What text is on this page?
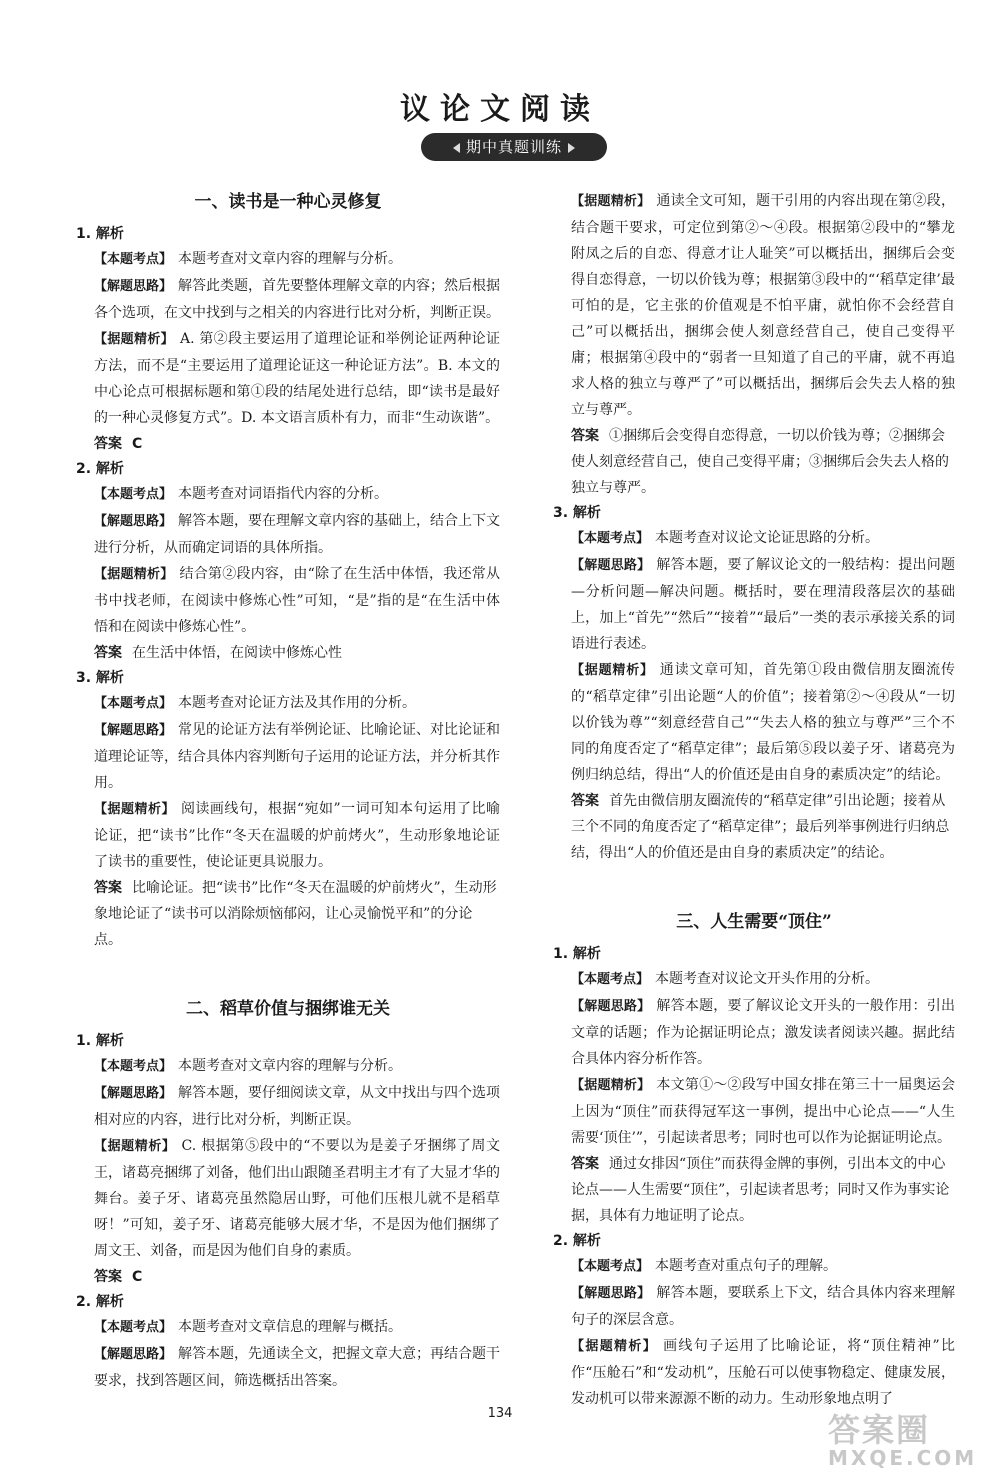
议论文阅读
期中真题训练
一、读书是一种心灵修复
1. 解析

【本题考点】 本题考查对文章内容的理解与分析。

【解题思路】 解答此类题，首先要整体理解文章的内容；然后根据各个选项，在文中找到与之相关的内容进行比对分析，判断正误。

【据题精析】 A. 第②段主要运用了道理论证和举例论证两种论证方法，而不是“主要运用了道理论证这一种论证方法”。B. 本文的中心论点可根据标题和第①段的结尾处进行总结，即“读书是最好的一种心灵修复方式”。D. 本文语言质朴有力，而非“生动诙谐”。

答案 C

2. 解析

【本题考点】 本题考查对词语指代内容的分析。

【解题思路】 解答本题，要在理解文章内容的基础上，结合上下文进行分析，从而确定词语的具体所指。

【据题精析】 结合第②段内容，由“除了在生活中体悟，我还常从书中找老师，在阅读中修炼心性”可知，“是”指的是“在生活中体悟和在阅读中修炼心性”。

答案 在生活中体悟，在阅读中修炼心性

3. 解析

【本题考点】 本题考查对论证方法及其作用的分析。

【解题思路】 常见的论证方法有举例论证、比喻论证、对比论证和道理论证等，结合具体内容判断句子运用的论证方法，并分析其作用。

【据题精析】 阅读画线句，根据“宛如”一词可知本句运用了比喻论证，把“读书”比作“冬天在温暖的炉前烤火”，生动形象地论证了读书的重要性，使论证更具说服力。

答案 比喻论证。把“读书”比作“冬天在温暖的炉前烤火”，生动形象地论证了“读书可以消除烦恼郁闷，让心灵愉悦平和”的分论点。

二、稻草价值与捆绑谁无关
1. 解析

【本题考点】 本题考查对文章内容的理解与分析。

【解题思路】 解答本题，要仔细阅读文章，从文中找出与四个选项相对应的内容，进行比对分析，判断正误。

【据题精析】 C. 根据第⑤段中的“不要以为是姜子牙捆绑了周文王，诸葛亮捆绑了刘备，他们出山跟随圣君明主才有了大显才华的舞台。姜子牙、诸葛亮虽然隐居山野，可他们压根儿就不是稻草呀！”可知，姜子牙、诸葛亮能够大展才华，不是因为他们捆绑了周文王、刘备，而是因为他们自身的素质。

答案 C

2. 解析

【本题考点】 本题考查对文章信息的理解与概括。

【解题思路】 解答本题，先通读全文，把握文章大意；再结合题干要求，找到答题区间，筛选概括出答案。

【据题精析】 通读全文可知，题干引用的内容出现在第②段，结合题干要求，可定位到第②～④段。根据第②段中的“攀龙附凤之后的自恋、得意才让人耻笑”可以概括出，捆绑后会变得自恋得意，一切以价钱为尊；根据第③段中的“‘稻草定律’最可怕的是，它主张的价值观是不怕平庸，就怕你不会经营自己”可以概括出，捆绑会使人刻意经营自己，使自己变得平庸；根据第④段中的“弱者一旦知道了自己的平庸，就不再追求人格的独立与尊严了”可以概括出，捆绑后会失去人格的独立与尊严。

答案 ①捆绑后会变得自恋得意，一切以价钱为尊；②捆绑会使人刻意经营自己，使自己变得平庸；③捆绑后会失去人格的独立与尊严。

3. 解析

【本题考点】 本题考查对议论文论证思路的分析。

【解题思路】 解答本题，要了解议论文的一般结构：提出问题—分析问题—解决问题。概括时，要在理清段落层次的基础上，加上“首先”“然后”“接着”“最后”一类的表示承接关系的词语进行表述。

【据题精析】 通读文章可知，首先第①段由微信朋友圈流传的“稻草定律”引出论题“人的价值”；接着第②～④段从“一切以价钱为尊”“刻意经营自己”“失去人格的独立与尊严”三个不同的角度否定了“稻草定律”；最后第⑤段以姜子牙、诸葛亮为例归纳总结，得出“人的价值还是由自身的素质决定”的结论。

答案 首先由微信朋友圈流传的“稻草定律”引出论题；接着从三个不同的角度否定了“稻草定律”；最后列举事例进行归纳总结，得出“人的价值还是由自身的素质决定”的结论。

三、人生需要“顶住”
1. 解析

【本题考点】 本题考查对议论文开头作用的分析。

【解题思路】 解答本题，要了解议论文开头的一般作用：引出文章的话题；作为论据证明论点；激发读者阅读兴趣。据此结合具体内容分析作答。

【据题精析】 本文第①～②段写中国女排在第三十一届奥运会上因为“顶住”而获得冠军这一事例，提出中心论点——“人生需要‘顶住’”，引起读者思考；同时也可以作为论据证明论点。

答案 通过女排因“顶住”而获得金牌的事例，引出本文的中心论点——人生需要“顶住”，引起读者思考；同时又作为事实论据，具体有力地证明了论点。

2. 解析

【本题考点】 本题考查对重点句子的理解。

【解题思路】 解答本题，要联系上下文，结合具体内容来理解句子的深层含意。

【据题精析】 画线句子运用了比喻论证，将“顶住精神”比作“压舱石”和“发动机”，压舱石可以使事物稳定、健康发展，发动机可以带来源源不断的动力。生动形象地点明了

134	答案圈
MXQE.COM
